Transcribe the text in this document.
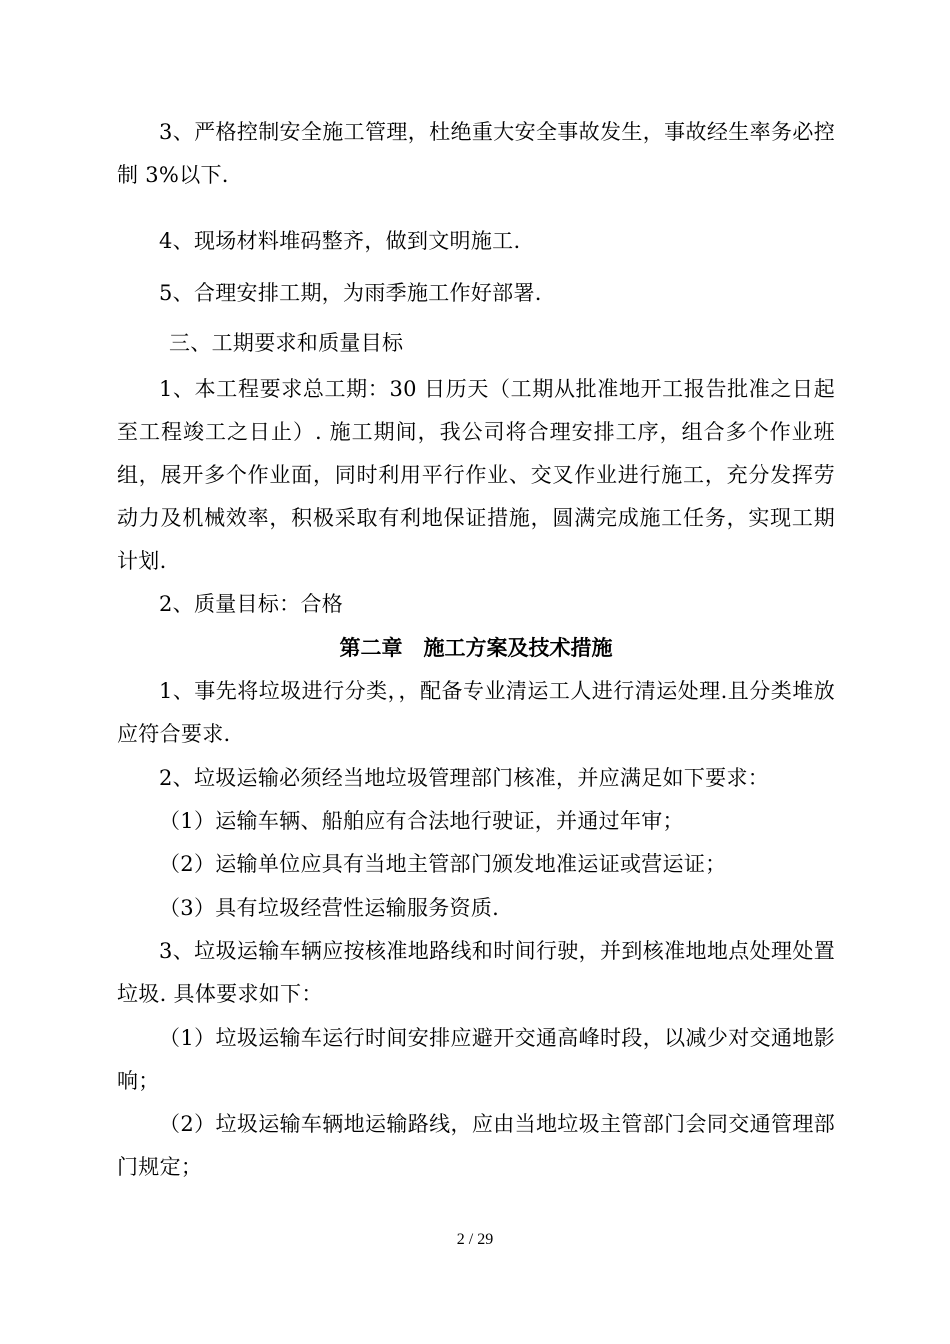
3、严格控制安全施工管理，杜绝重大安全事故发生，事故经生率务必控制 3%以下.

4、现场材料堆码整齐，做到文明施工.

5、合理安排工期，为雨季施工作好部署.

三、工期要求和质量目标

1、本工程要求总工期：30 日历天（工期从批准地开工报告批准之日起至工程竣工之日止）. 施工期间，我公司将合理安排工序，组合多个作业班组，展开多个作业面，同时利用平行作业、交叉作业进行施工，充分发挥劳动力及机械效率，积极采取有利地保证措施，圆满完成施工任务，实现工期计划.

2、质量目标：合格

第二章　施工方案及技术措施

1、事先将垃圾进行分类，，配备专业清运工人进行清运处理.且分类堆放应符合要求.

2、垃圾运输必须经当地垃圾管理部门核准，并应满足如下要求：

（1）运输车辆、船舶应有合法地行驶证，并通过年审；

（2）运输单位应具有当地主管部门颁发地准运证或营运证；

（3）具有垃圾经营性运输服务资质.

3、垃圾运输车辆应按核准地路线和时间行驶，并到核准地地点处理处置垃圾. 具体要求如下：

（1）垃圾运输车运行时间安排应避开交通高峰时段，以减少对交通地影响；

（2）垃圾运输车辆地运输路线，应由当地垃圾主管部门会同交通管理部门规定；

2 / 29
